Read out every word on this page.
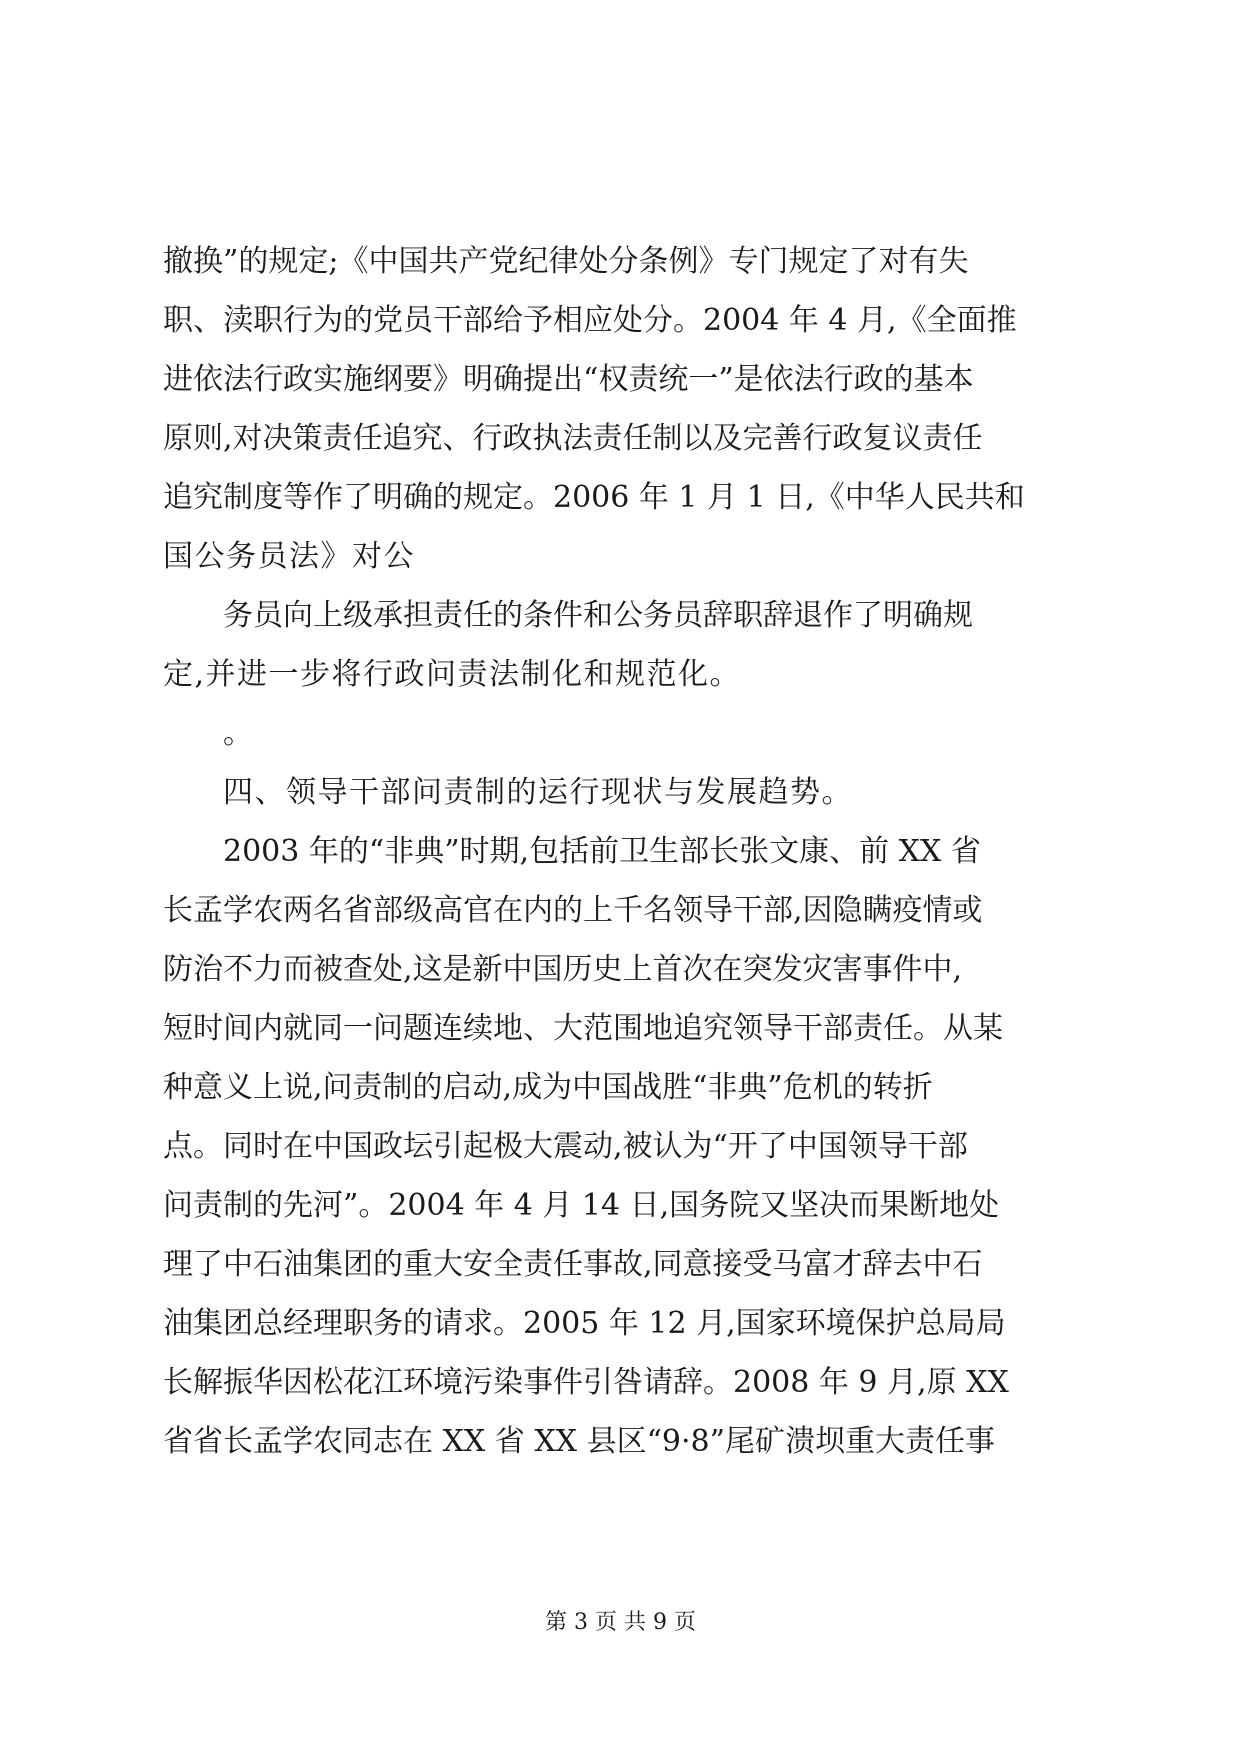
撤换”的规定;《中国共产党纪律处分条例》专门规定了对有失
职、渎职行为的党员干部给予相应处分。2004 年 4 月,《全面推
进依法行政实施纲要》明确提出“权责统一”是依法行政的基本
原则,对决策责任追究、行政执法责任制以及完善行政复议责任
追究制度等作了明确的规定。2006 年 1 月 1 日,《中华人民共和
国公务员法》对公
务员向上级承担责任的条件和公务员辞职辞退作了明确规
定,并进一步将行政问责法制化和规范化。
。
四、领导干部问责制的运行现状与发展趋势。
2003 年的“非典”时期,包括前卫生部长张文康、前 XX 省
长孟学农两名省部级高官在内的上千名领导干部,因隐瞒疫情或
防治不力而被查处,这是新中国历史上首次在突发灾害事件中,
短时间内就同一问题连续地、大范围地追究领导干部责任。从某
种意义上说,问责制的启动,成为中国战胜“非典”危机的转折
点。同时在中国政坛引起极大震动,被认为“开了中国领导干部
问责制的先河”。2004 年 4 月 14 日,国务院又坚决而果断地处
理了中石油集团的重大安全责任事故,同意接受马富才辞去中石
油集团总经理职务的请求。2005 年 12 月,国家环境保护总局局
长解振华因松花江环境污染事件引咎请辞。2008 年 9 月,原 XX
省省长孟学农同志在 XX 省 XX 县区“9·8”尾矿溃坝重大责任事
第 3 页 共 9 页
